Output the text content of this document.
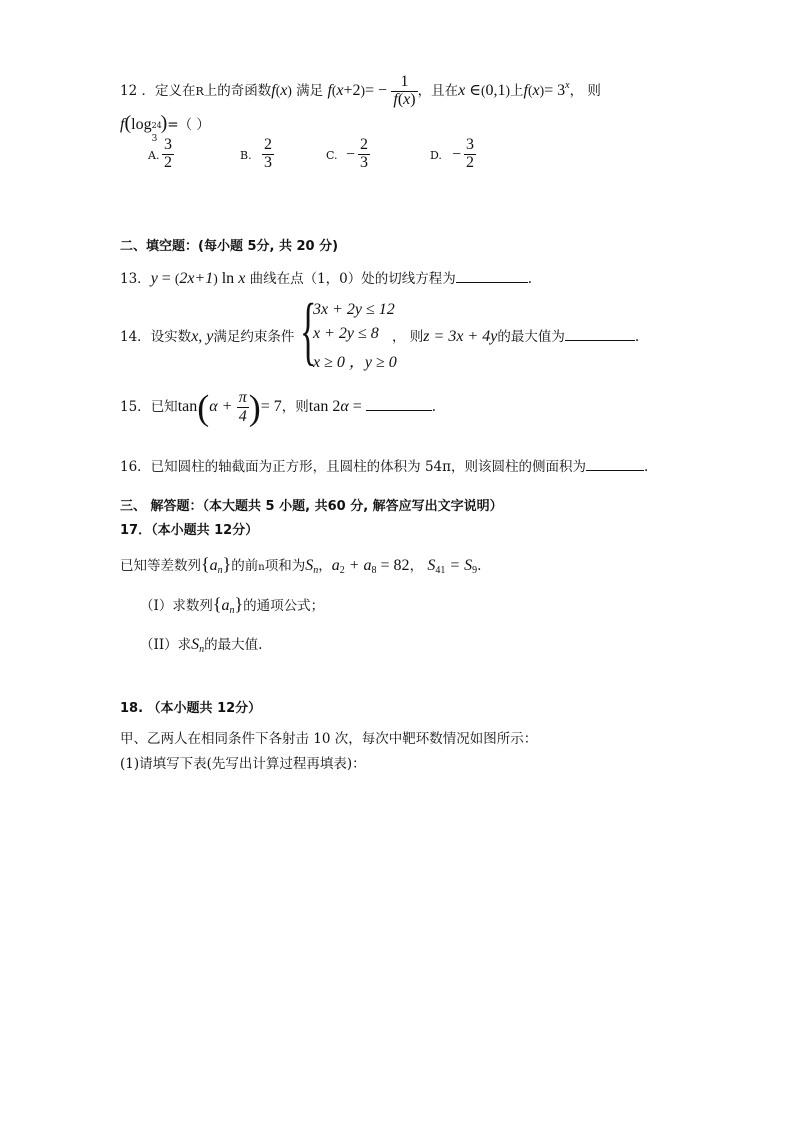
12 ．定义在R上的奇函数f(x) 满足 $f(x+2)= - \frac{1}{f(x)}$ ，且在x ∈(0,1)上$f(x)= 3^x$， 则
f(log 24
3
)=（ ）
A. $\frac{3}{2}$	B. $\frac{2}{3}$	C. − $\frac{2}{3}$	D. − $\frac{3}{2}$
二、填空题：(每小题 5分, 共 20 分)
13．y = (2x+1) ln x 曲线在点（1，0）处的切线方程为	.
14．设实数x, y满足约束条件 {
3x + 2y ≤ 12
x + 2y ≤ 8
x ≥ 0 ，y ≥ 0
， 则z = 3x + 4y的最大值为	.
15．已知$\tan(\alpha + \frac{\pi}{4}$ )= 7，则tan 2α =	.
16．已知圆柱的轴截面为正方形，且圆柱的体积为 54π，则该圆柱的侧面积为	.
三、 解答题：（本大题共 5 小题, 共60 分, 解答应写出文字说明）
17．（本小题共 12分）
已知等差数列$\{a_n\}$的前n项和为$S_n$，$a_2 + a_8 = 82$， $S_{41} = S_9$.
（I）求数列$\{a_n\}$的通项公式；
（II）求$S_n$的最大值.
18. （本小题共 12分）
甲、乙两人在相同条件下各射击 10 次，每次中靶环数情况如图所示：
(1)请填写下表(先写出计算过程再填表)：
